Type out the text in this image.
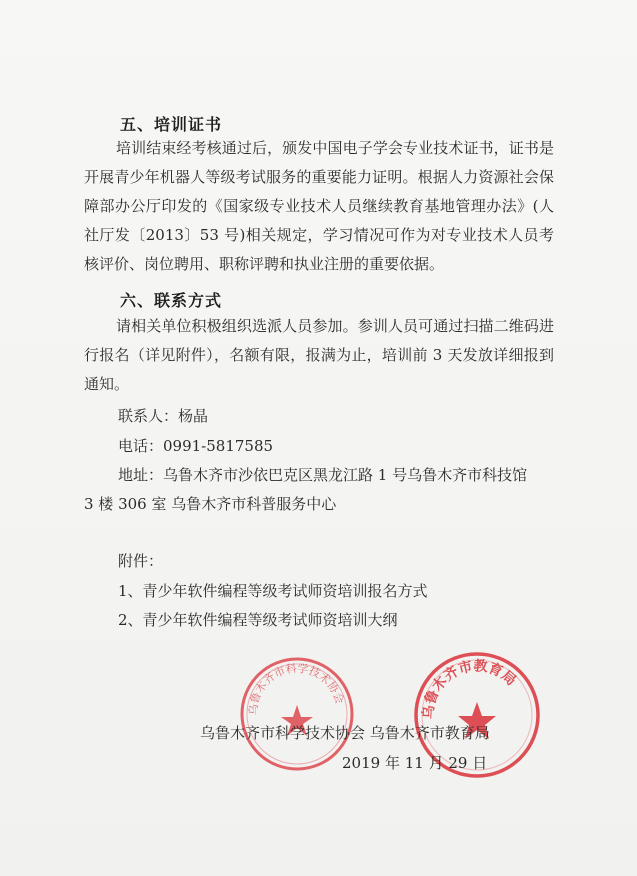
五、培训证书

培训结束经考核通过后，颁发中国电子学会专业技术证书，证书是开展青少年机器人等级考试服务的重要能力证明。根据人力资源社会保障部办公厅印发的《国家级专业技术人员继续教育基地管理办法》(人社厅发〔2013〕53 号)相关规定，学习情况可作为对专业技术人员考核评价、岗位聘用、职称评聘和执业注册的重要依据。

六、联系方式

请相关单位积极组织选派人员参加。参训人员可通过扫描二维码进行报名（详见附件），名额有限，报满为止，培训前 3 天发放详细报到通知。

联系人：杨晶
电话：0991-5817585
地址：乌鲁木齐市沙依巴克区黑龙江路 1 号乌鲁木齐市科技馆
3 楼 306 室 乌鲁木齐市科普服务中心
附件：
1、青少年软件编程等级考试师资培训报名方式
2、青少年软件编程等级考试师资培训大纲
乌鲁木齐市科学技术协会
乌鲁木齐市教育局
乌鲁木齐市科学技术协会 乌鲁木齐市教育局
2019 年 11 月 29 日
